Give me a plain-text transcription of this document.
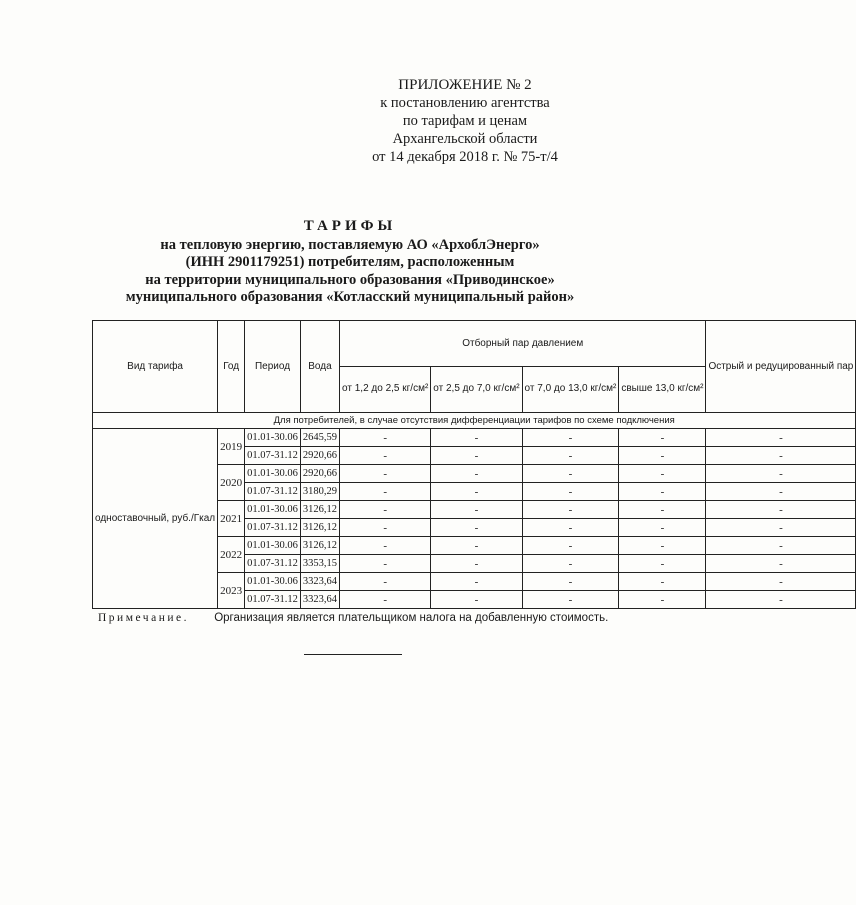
ПРИЛОЖЕНИЕ № 2
к постановлению агентства
по тарифам и ценам
Архангельской области
от 14 декабря 2018 г. № 75-т/4
ТАРИФЫ
на тепловую энергию, поставляемую АО «АрхоблЭнерго»
(ИНН 2901179251) потребителям, расположенным
на территории муниципального образования «Приводинское»
муниципального образования «Котласский муниципальный район»
Вид тарифа	Год	Период	Вода	Отборный пар давлением				Острый и редуцированный пар
				от 1,2 до 2,5 кг/см²	от 2,5 до 7,0 кг/см²	от 7,0 до 13,0 кг/см²	свыше 13,0 кг/см²	
Для потребителей, в случае отсутствия дифференциации тарифов по схеме подключения								
одноставочный, руб./Гкал	2019	01.01-30.06	2645,59	-	-	-	-	-
		01.07-31.12	2920,66	-	-	-	-	-
	2020	01.01-30.06	2920,66	-	-	-	-	-
		01.07-31.12	3180,29	-	-	-	-	-
	2021	01.01-30.06	3126,12	-	-	-	-	-
		01.07-31.12	3126,12	-	-	-	-	-
	2022	01.01-30.06	3126,12	-	-	-	-	-
		01.07-31.12	3353,15	-	-	-	-	-
	2023	01.01-30.06	3323,64	-	-	-	-	-
		01.07-31.12	3323,64	-	-	-	-	-
Примечание. Организация является плательщиком налога на добавленную стоимость.
